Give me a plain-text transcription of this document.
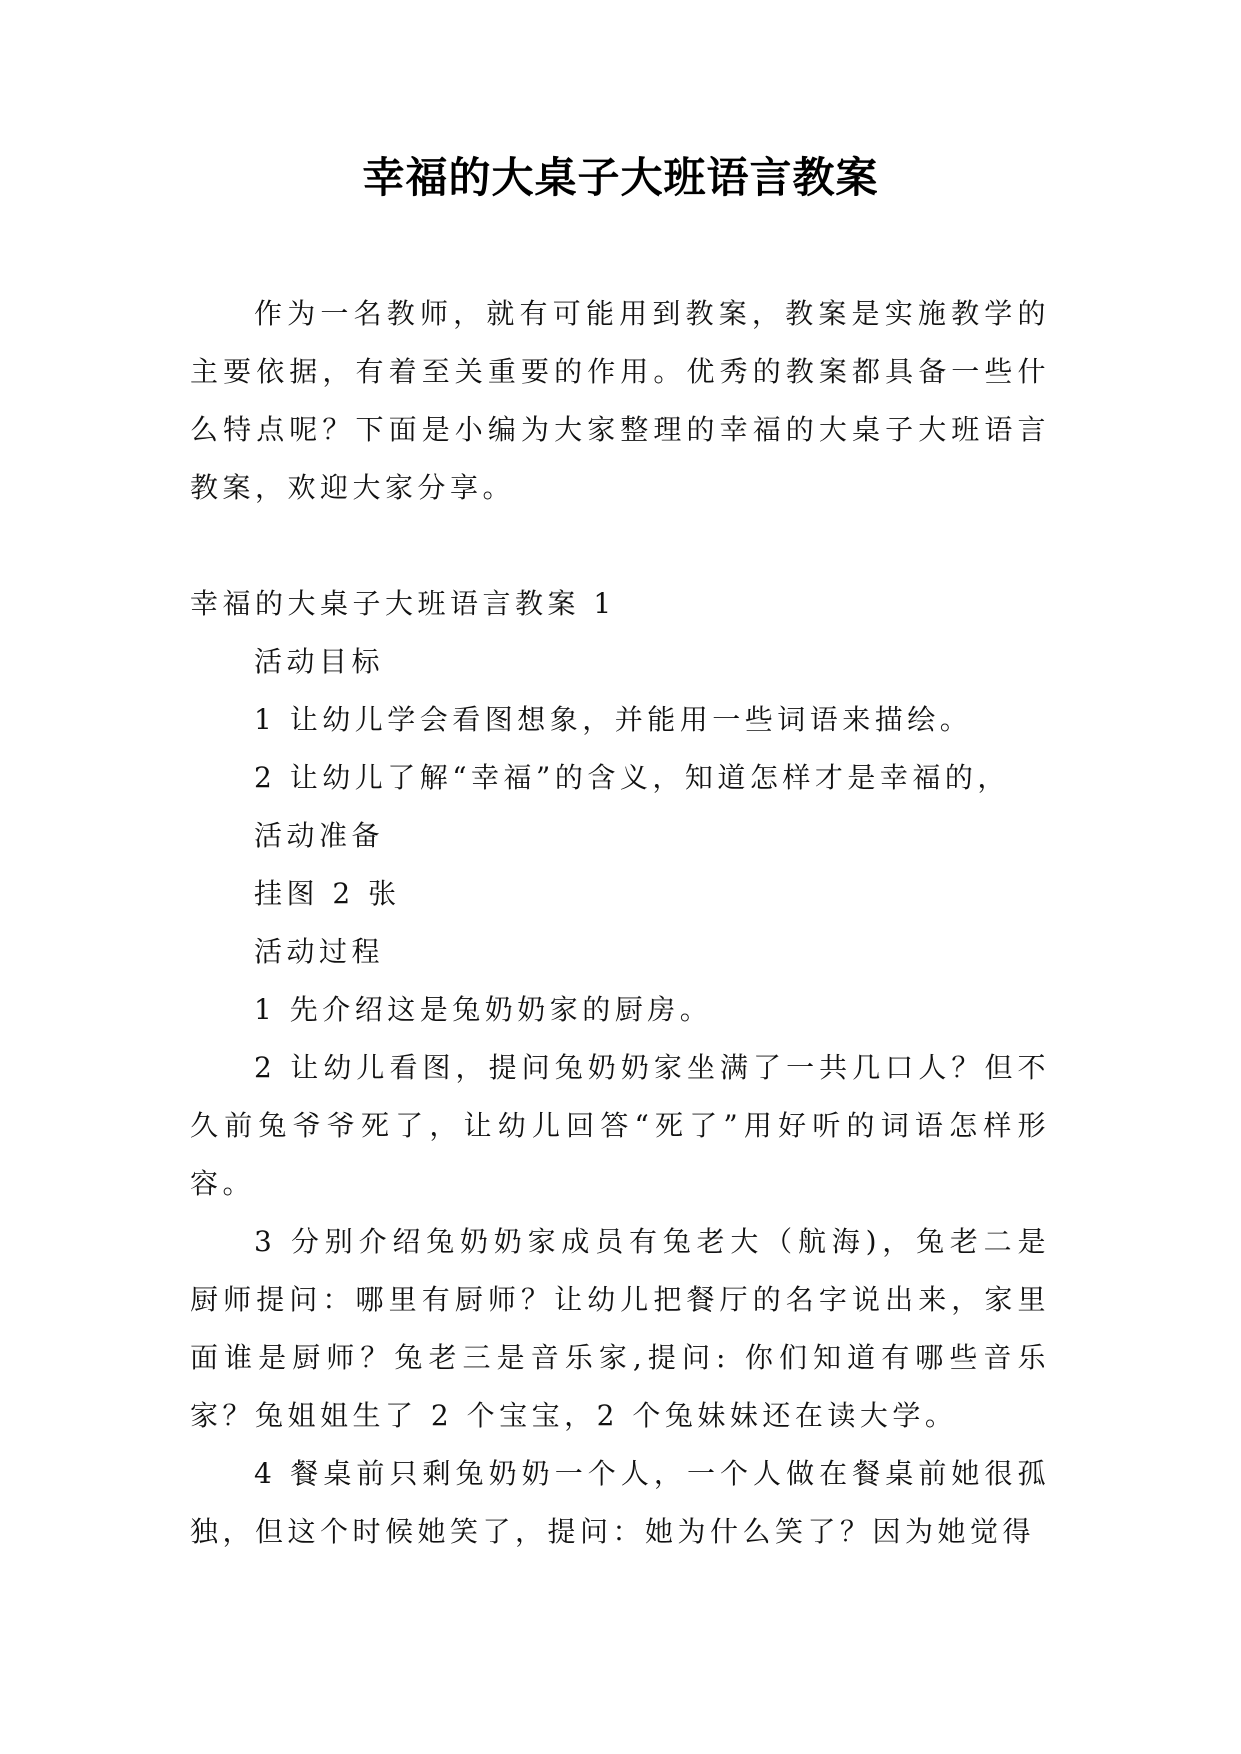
幸福的大桌子大班语言教案

作为一名教师，就有可能用到教案，教案是实施教学的主要依据，有着至关重要的作用。优秀的教案都具备一些什么特点呢？下面是小编为大家整理的幸福的大桌子大班语言教案，欢迎大家分享。

幸福的大桌子大班语言教案 1

活动目标

1 让幼儿学会看图想象，并能用一些词语来描绘。

2 让幼儿了解“幸福”的含义，知道怎样才是幸福的，

活动准备

挂图 2 张

活动过程

1 先介绍这是兔奶奶家的厨房。

2 让幼儿看图，提问兔奶奶家坐满了一共几口人？但不久前兔爷爷死了，让幼儿回答“死了”用好听的词语怎样形容。

3 分别介绍兔奶奶家成员有兔老大（航海)，兔老二是厨师提问：哪里有厨师？让幼儿把餐厅的名字说出来，家里面谁是厨师？兔老三是音乐家,提问: 你们知道有哪些音乐家？兔姐姐生了 2 个宝宝，2 个兔妹妹还在读大学。

4 餐桌前只剩兔奶奶一个人，一个人做在餐桌前她很孤独，但这个时候她笑了，提问：她为什么笑了？因为她觉得
